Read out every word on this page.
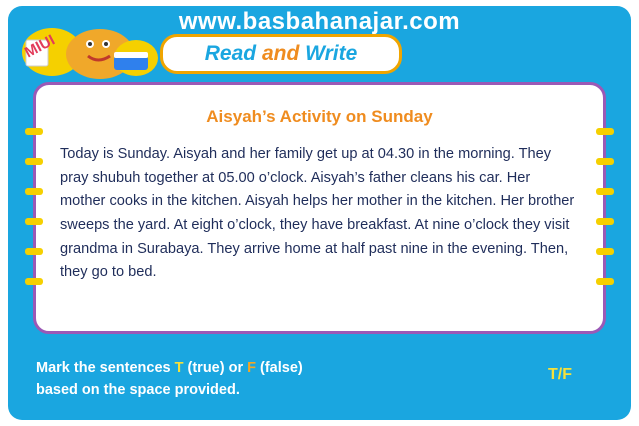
www.basbahanajar.com
MIUI	Read and Write
Aisyah’s Activity on Sunday
Today is Sunday. Aisyah and her family get up at 04.30 in the morning. They pray shubuh together at 05.00 o’clock. Aisyah’s father cleans his car. Her mother cooks in the kitchen. Aisyah helps her mother in the kitchen. Her brother sweeps the yard. At eight o’clock, they have breakfast. At nine o’clock they visit grandma in Surabaya. They arrive home at half past nine in the evening. Then, they go to bed.
Mark the sentences T (true) or F (false)
based on the space provided.
T/F
